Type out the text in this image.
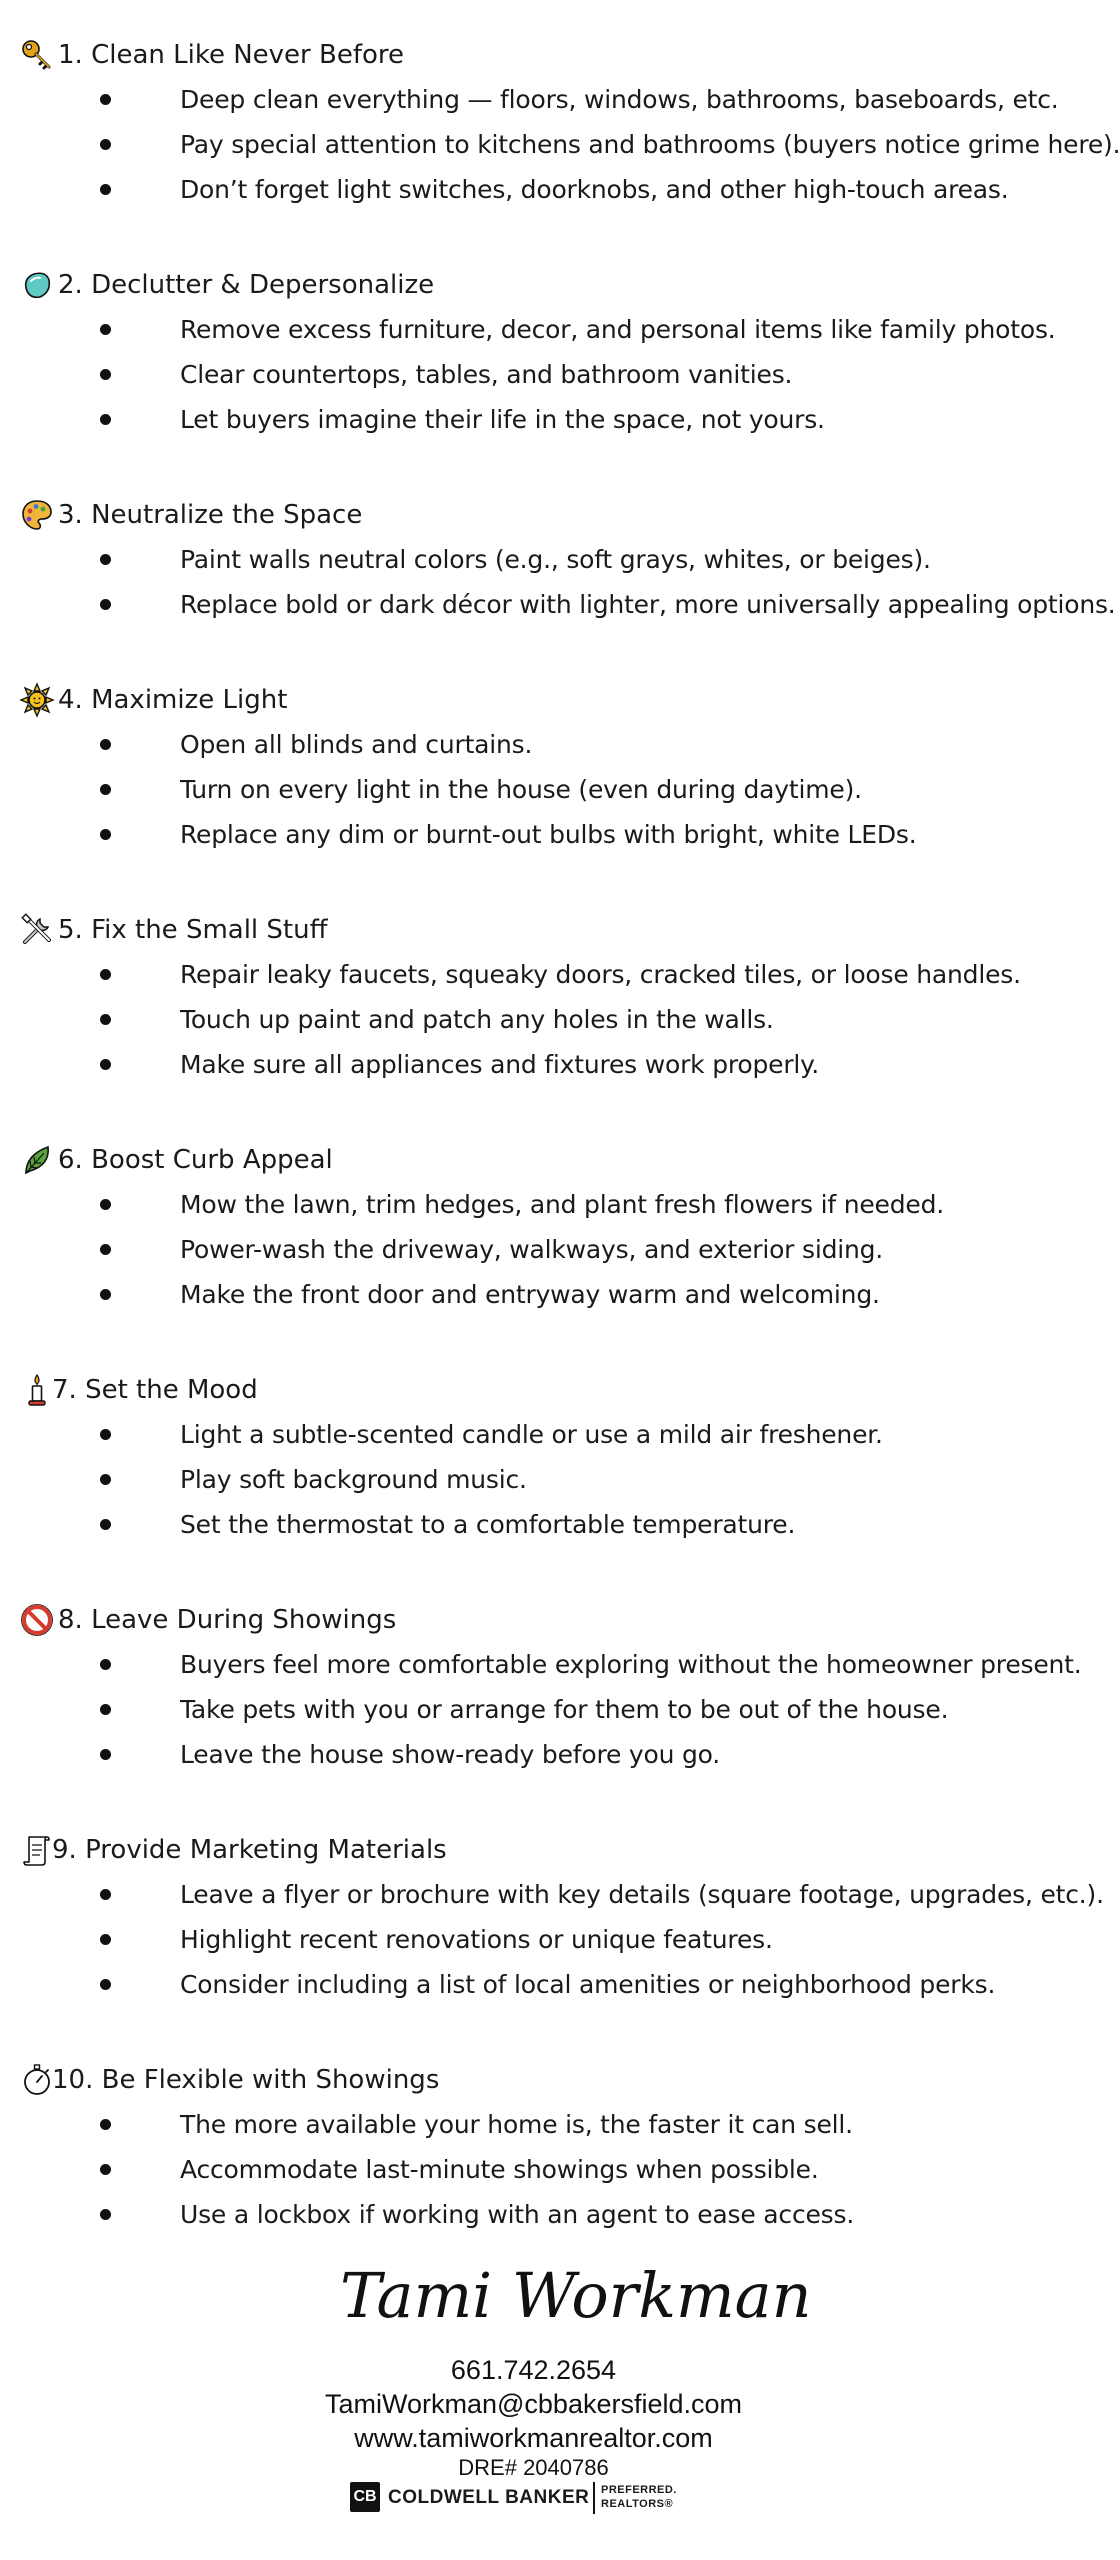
1. Clean Like Never Before
Deep clean everything — floors, windows, bathrooms, baseboards, etc.
Pay special attention to kitchens and bathrooms (buyers notice grime here).
Don’t forget light switches, doorknobs, and other high-touch areas.
2. Declutter & Depersonalize
Remove excess furniture, decor, and personal items like family photos.
Clear countertops, tables, and bathroom vanities.
Let buyers imagine their life in the space, not yours.
3. Neutralize the Space
Paint walls neutral colors (e.g., soft grays, whites, or beiges).
Replace bold or dark décor with lighter, more universally appealing options.
4. Maximize Light
Open all blinds and curtains.
Turn on every light in the house (even during daytime).
Replace any dim or burnt-out bulbs with bright, white LEDs.
5. Fix the Small Stuff
Repair leaky faucets, squeaky doors, cracked tiles, or loose handles.
Touch up paint and patch any holes in the walls.
Make sure all appliances and fixtures work properly.
6. Boost Curb Appeal
Mow the lawn, trim hedges, and plant fresh flowers if needed.
Power-wash the driveway, walkways, and exterior siding.
Make the front door and entryway warm and welcoming.
7. Set the Mood
Light a subtle-scented candle or use a mild air freshener.
Play soft background music.
Set the thermostat to a comfortable temperature.
8. Leave During Showings
Buyers feel more comfortable exploring without the homeowner present.
Take pets with you or arrange for them to be out of the house.
Leave the house show-ready before you go.
9. Provide Marketing Materials
Leave a flyer or brochure with key details (square footage, upgrades, etc.).
Highlight recent renovations or unique features.
Consider including a list of local amenities or neighborhood perks.
10. Be Flexible with Showings
The more available your home is, the faster it can sell.
Accommodate last-minute showings when possible.
Use a lockbox if working with an agent to ease access.
Tami Workman
661.742.2654
TamiWorkman@cbbakersfield.com
www.tamiworkmanrealtor.com
DRE# 2040786
CB COLDWELL BANKER PREFERRED. REALTORS®
